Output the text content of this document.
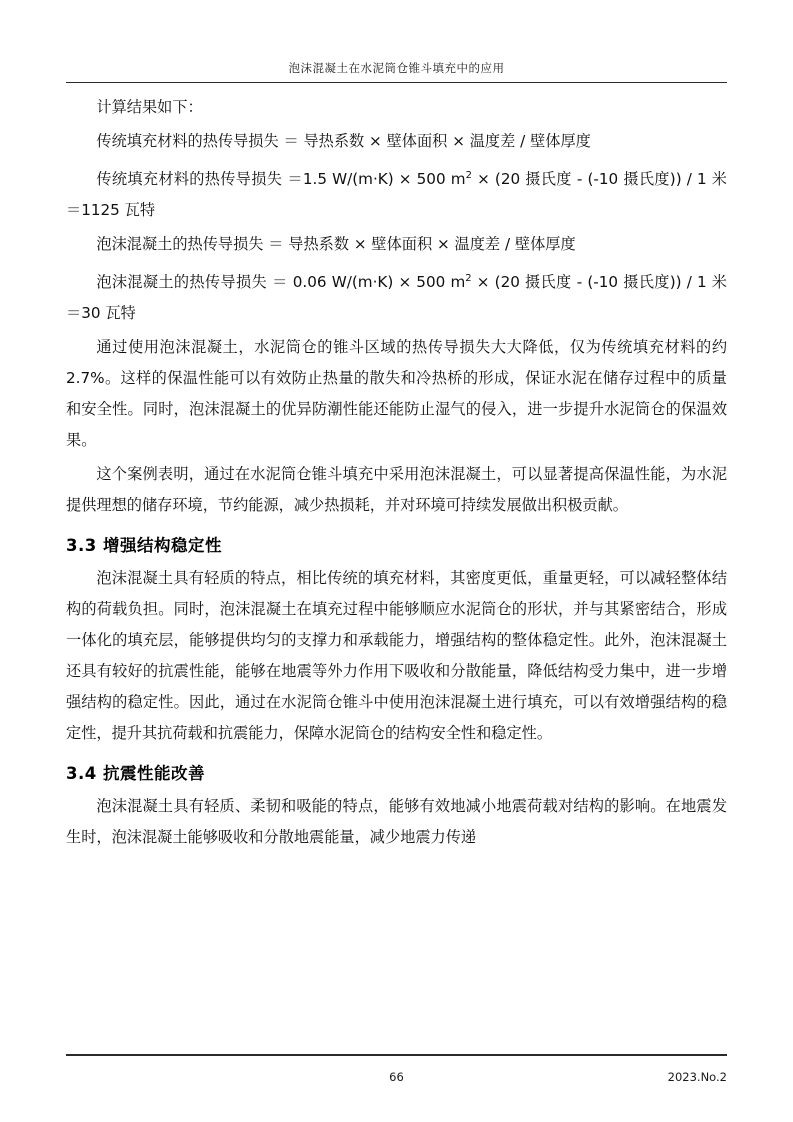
泡沫混凝土在水泥筒仓锥斗填充中的应用

计算结果如下：

传统填充材料的热传导损失 ＝ 导热系数 × 壁体面积 × 温度差 / 壁体厚度

传统填充材料的热传导损失 ＝1.5 W/(m·K) × 500 $m^2 \times (20$ 摄氏度 - (-10 摄氏度)) / 1 米 ＝1125 瓦特

泡沫混凝土的热传导损失 ＝ 导热系数 × 壁体面积 × 温度差 / 壁体厚度

泡沫混凝土的热传导损失 ＝ 0.06 W/(m·K) × 500 $m^2 \times (20$ 摄氏度 - (-10 摄氏度)) / 1 米 ＝30 瓦特

通过使用泡沫混凝土，水泥筒仓的锥斗区域的热传导损失大大降低，仅为传统填充材料的约 2.7%。这样的保温性能可以有效防止热量的散失和冷热桥的形成，保证水泥在储存过程中的质量和安全性。同时，泡沫混凝土的优异防潮性能还能防止湿气的侵入，进一步提升水泥筒仓的保温效果。

这个案例表明，通过在水泥筒仓锥斗填充中采用泡沫混凝土，可以显著提高保温性能，为水泥提供理想的储存环境，节约能源，减少热损耗，并对环境可持续发展做出积极贡献。

3.3 增强结构稳定性

泡沫混凝土具有轻质的特点，相比传统的填充材料，其密度更低，重量更轻，可以减轻整体结构的荷载负担。同时，泡沫混凝土在填充过程中能够顺应水泥筒仓的形状，并与其紧密结合，形成一体化的填充层，能够提供均匀的支撑力和承载能力，增强结构的整体稳定性。此外，泡沫混凝土还具有较好的抗震性能，能够在地震等外力作用下吸收和分散能量，降低结构受力集中，进一步增强结构的稳定性。因此，通过在水泥筒仓锥斗中使用泡沫混凝土进行填充，可以有效增强结构的稳定性，提升其抗荷载和抗震能力，保障水泥筒仓的结构安全性和稳定性。

3.4 抗震性能改善

泡沫混凝土具有轻质、柔韧和吸能的特点，能够有效地减小地震荷载对结构的影响。在地震发生时，泡沫混凝土能够吸收和分散地震能量，减少地震力传递

66	2023.No.2
